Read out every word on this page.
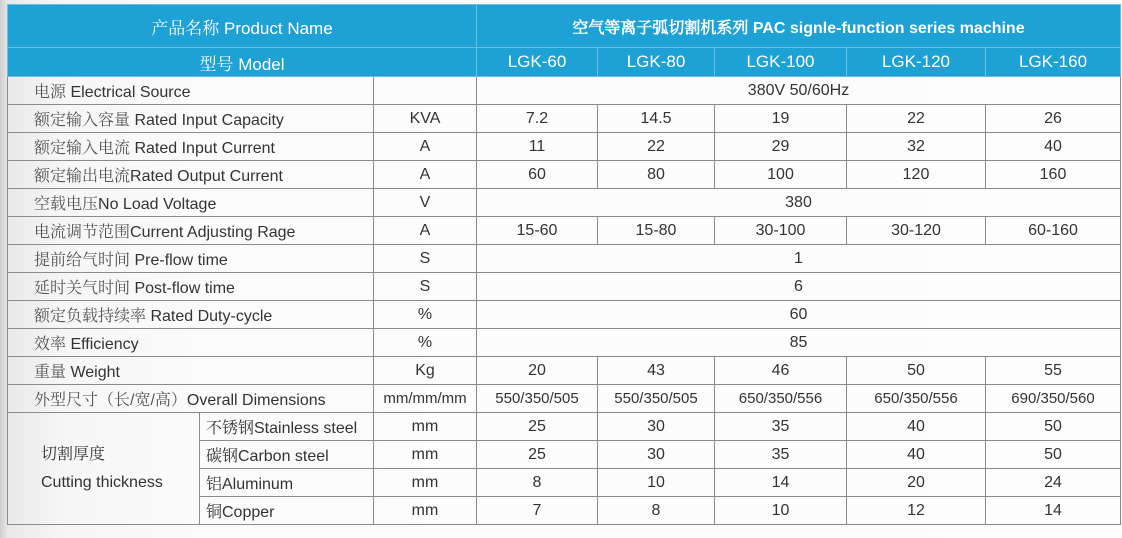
产品名称 Product Name			空气等离子弧切割机系列 PAC signle-function series machine				
型号 Model			LGK-60	LGK-80	LGK-100	LGK-120	LGK-160
电源 Electrical Source			380V 50/60Hz				
额定输入容量 Rated Input Capacity		KVA	7.2	14.5	19	22	26
额定输入电流 Rated Input Current		A	11	22	29	32	40
额定输出电流Rated Output Current		A	60	80	100	120	160
空载电压No Load Voltage		V	380				
电流调节范围Current Adjusting Rage		A	15-60	15-80	30-100	30-120	60-160
提前给气时间 Pre-flow time		S	1				
延时关气时间 Post-flow time		S	6				
额定负载持续率 Rated Duty-cycle		%	60				
效率 Efficiency		%	85				
重量 Weight		Kg	20	43	46	50	55
外型尺寸（长/宽/高）Overall Dimensions		mm/mm/mm	550/350/505	550/350/505	650/350/556	650/350/556	690/350/560

切割厚度
Cutting thickness	不锈钢Stainless steel	mm	25	30	35	40	50
	碳钢Carbon steel	mm	25	30	35	40	50
	铝Aluminum	mm	8	10	14	20	24
	铜Copper	mm	7	8	10	12	14
